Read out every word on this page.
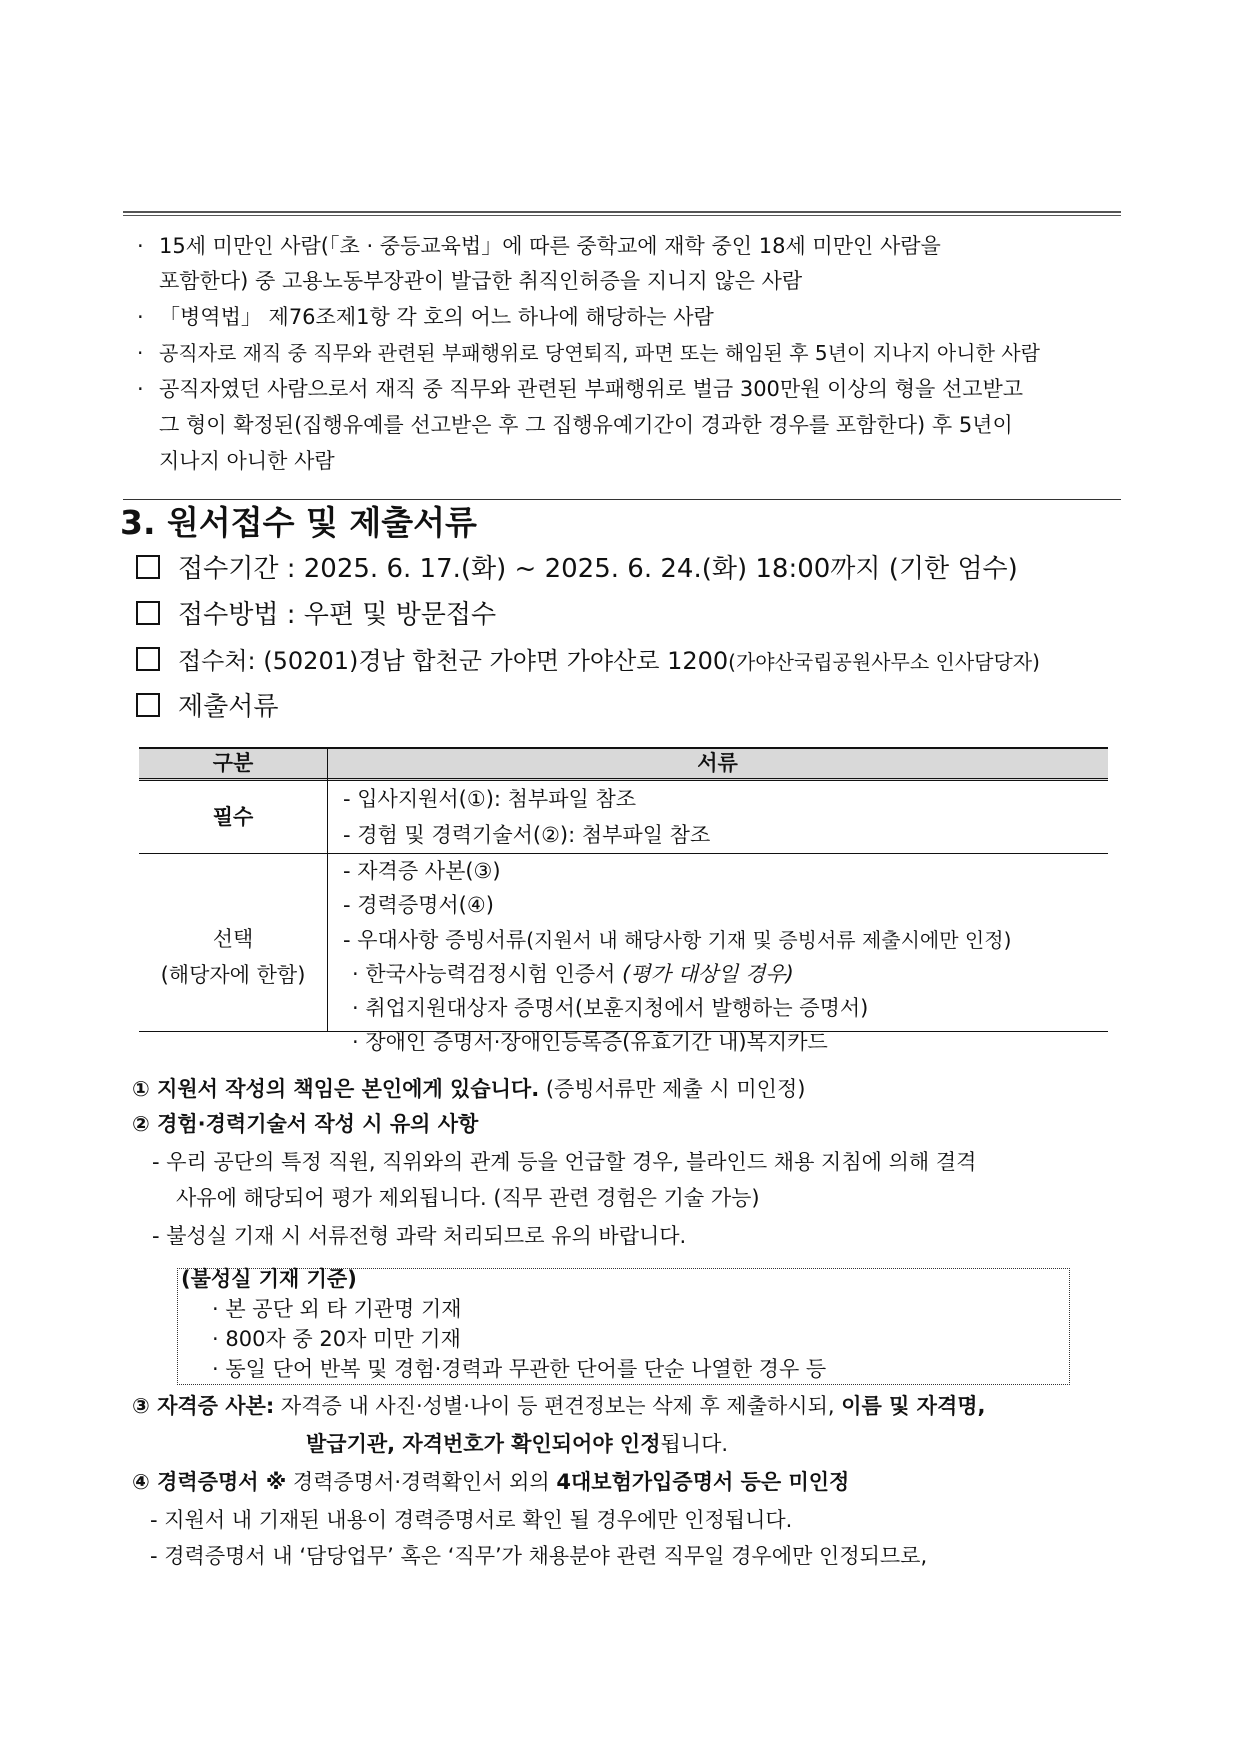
· 15세 미만인 사람(「초 · 중등교육법」에 따른 중학교에 재학 중인 18세 미만인 사람을
포함한다) 중 고용노동부장관이 발급한 취직인허증을 지니지 않은 사람
· 「병역법」 제76조제1항 각 호의 어느 하나에 해당하는 사람
· 공직자로 재직 중 직무와 관련된 부패행위로 당연퇴직, 파면 또는 해임된 후 5년이 지나지 아니한 사람
· 공직자였던 사람으로서 재직 중 직무와 관련된 부패행위로 벌금 300만원 이상의 형을 선고받고
그 형이 확정된(집행유예를 선고받은 후 그 집행유예기간이 경과한 경우를 포함한다) 후 5년이
지나지 아니한 사람
3. 원서접수 및 제출서류
접수기간 : 2025. 6. 17.(화) ~ 2025. 6. 24.(화) 18:00까지 (기한 엄수)
접수방법 : 우편 및 방문접수
접수처: (50201)경남 합천군 가야면 가야산로 1200(가야산국립공원사무소 인사담당자)
제출서류
구분	서류
필수
- 입사지원서(①): 첨부파일 참조
- 경험 및 경력기술서(②): 첨부파일 참조
선택
(해당자에 한함)
- 자격증 사본(③)
- 경력증명서(④)
- 우대사항 증빙서류(지원서 내 해당사항 기재 및 증빙서류 제출시에만 인정)
· 한국사능력검정시험 인증서 (평가 대상일 경우)
· 취업지원대상자 증명서(보훈지청에서 발행하는 증명서)
· 장애인 증명서·장애인등록증(유효기간 내)복지카드
① 지원서 작성의 책임은 본인에게 있습니다. (증빙서류만 제출 시 미인정)
② 경험·경력기술서 작성 시 유의 사항
- 우리 공단의 특정 직원, 직위와의 관계 등을 언급할 경우, 블라인드 채용 지침에 의해 결격
사유에 해당되어 평가 제외됩니다. (직무 관련 경험은 기술 가능)
- 불성실 기재 시 서류전형 과락 처리되므로 유의 바랍니다.
(불성실 기재 기준)
· 본 공단 외 타 기관명 기재
· 800자 중 20자 미만 기재
· 동일 단어 반복 및 경험·경력과 무관한 단어를 단순 나열한 경우 등
③ 자격증 사본: 자격증 내 사진·성별·나이 등 편견정보는 삭제 후 제출하시되, 이름 및 자격명,
발급기관, 자격번호가 확인되어야 인정됩니다.
④ 경력증명서 ※ 경력증명서·경력확인서 외의 4대보험가입증명서 등은 미인정
- 지원서 내 기재된 내용이 경력증명서로 확인 될 경우에만 인정됩니다.
- 경력증명서 내 ‘담당업무’ 혹은 ‘직무’가 채용분야 관련 직무일 경우에만 인정되므로,
